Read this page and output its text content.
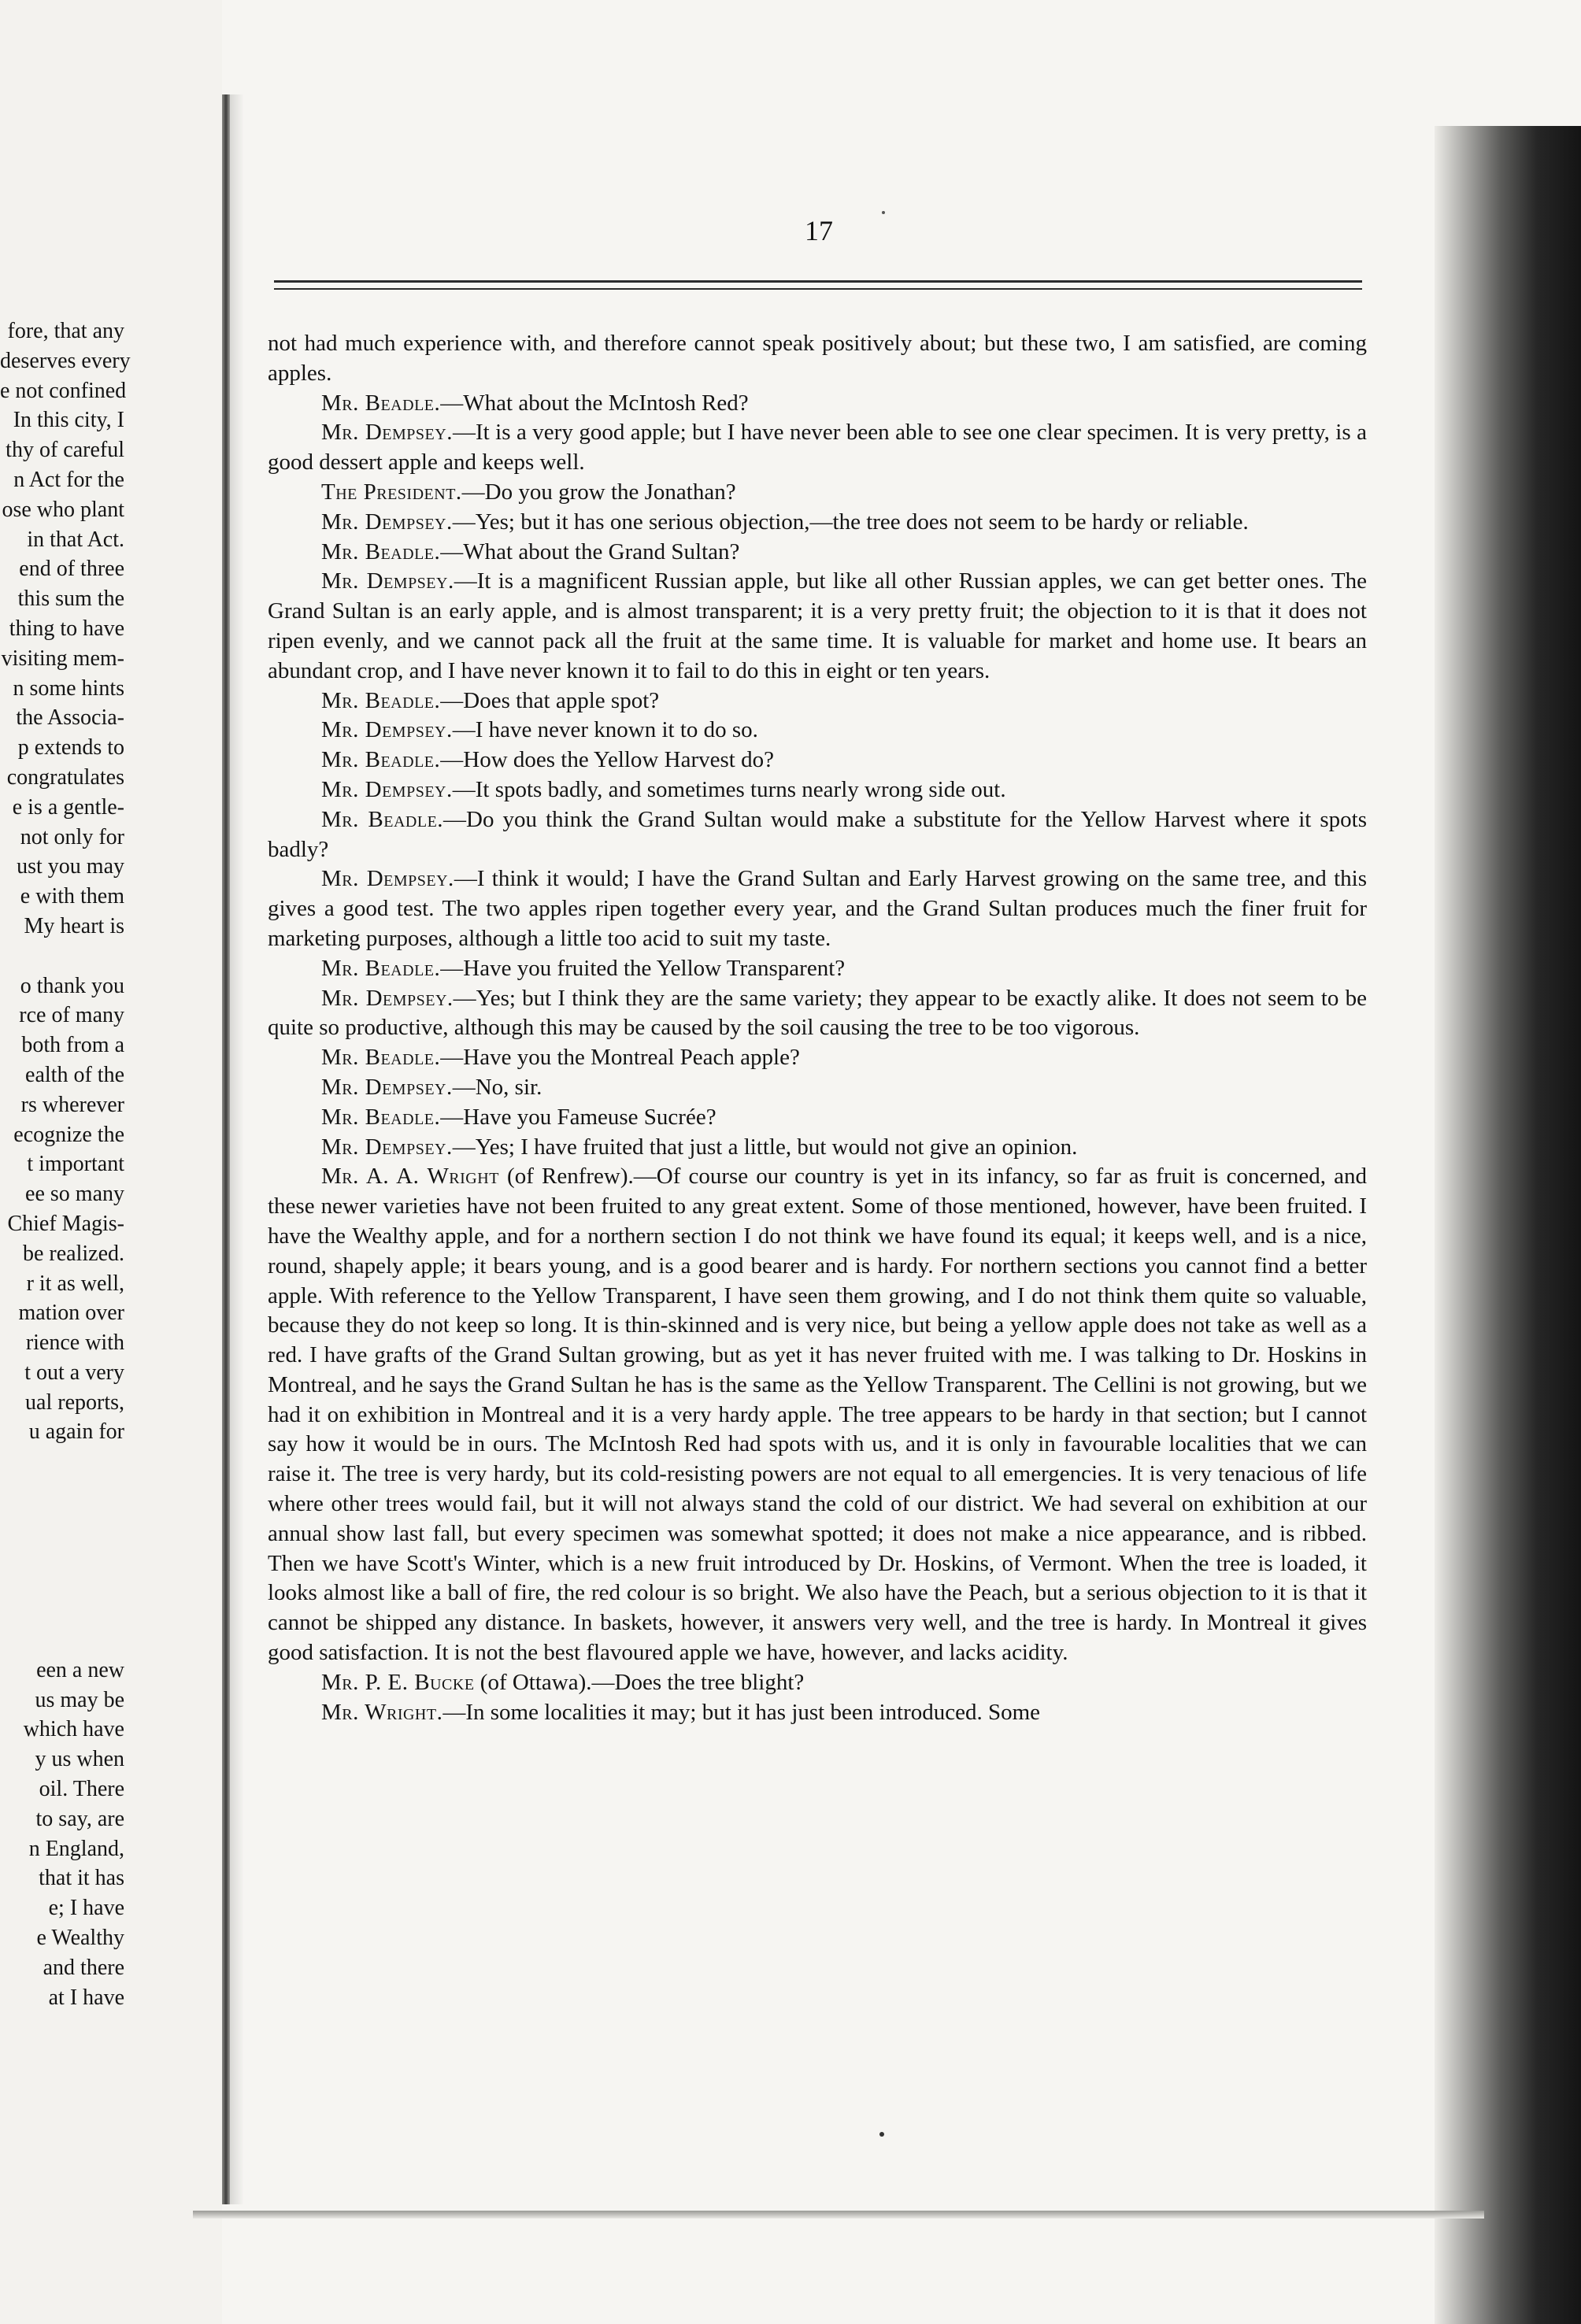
fore, that any
deserves every
e not confined
In this city, I
thy of careful
n Act for the
ose who plant
in that Act.
end of three
this sum the
thing to have
visiting mem-
n some hints
the Associa-
p extends to
congratulates
e is a gentle-
not only for
ust you may
e with them
My heart is

o thank you
rce of many
both from a
ealth of the
rs wherever
ecognize the
t important
ee so many
Chief Magis-
be realized.
r it as well,
mation over
rience with
t out a very
ual reports,
u again for

een a new
us may be
which have
y us when
oil. There
to say, are
n England,
that it has
e; I have
e Wealthy
and there
at I have
17

not had much experience with, and therefore cannot speak positively about; but these two, I am satisfied, are coming apples.

Mr. Beadle.—What about the McIntosh Red?

Mr. Dempsey.—It is a very good apple; but I have never been able to see one clear specimen. It is very pretty, is a good dessert apple and keeps well.

The President.—Do you grow the Jonathan?

Mr. Dempsey.—Yes; but it has one serious objection,—the tree does not seem to be hardy or reliable.

Mr. Beadle.—What about the Grand Sultan?

Mr. Dempsey.—It is a magnificent Russian apple, but like all other Russian apples, we can get better ones. The Grand Sultan is an early apple, and is almost transparent; it is a very pretty fruit; the objection to it is that it does not ripen evenly, and we cannot pack all the fruit at the same time. It is valuable for market and home use. It bears an abundant crop, and I have never known it to fail to do this in eight or ten years.

Mr. Beadle.—Does that apple spot?

Mr. Dempsey.—I have never known it to do so.

Mr. Beadle.—How does the Yellow Harvest do?

Mr. Dempsey.—It spots badly, and sometimes turns nearly wrong side out.

Mr. Beadle.—Do you think the Grand Sultan would make a substitute for the Yellow Harvest where it spots badly?

Mr. Dempsey.—I think it would; I have the Grand Sultan and Early Harvest growing on the same tree, and this gives a good test. The two apples ripen together every year, and the Grand Sultan produces much the finer fruit for marketing purposes, although a little too acid to suit my taste.

Mr. Beadle.—Have you fruited the Yellow Transparent?

Mr. Dempsey.—Yes; but I think they are the same variety; they appear to be exactly alike. It does not seem to be quite so productive, although this may be caused by the soil causing the tree to be too vigorous.

Mr. Beadle.—Have you the Montreal Peach apple?

Mr. Dempsey.—No, sir.

Mr. Beadle.—Have you Fameuse Sucrée?

Mr. Dempsey.—Yes; I have fruited that just a little, but would not give an opinion.

Mr. A. A. Wright (of Renfrew).—Of course our country is yet in its infancy, so far as fruit is concerned, and these newer varieties have not been fruited to any great extent. Some of those mentioned, however, have been fruited. I have the Wealthy apple, and for a northern section I do not think we have found its equal; it keeps well, and is a nice, round, shapely apple; it bears young, and is a good bearer and is hardy. For northern sections you cannot find a better apple. With reference to the Yellow Transparent, I have seen them growing, and I do not think them quite so valuable, because they do not keep so long. It is thin-skinned and is very nice, but being a yellow apple does not take as well as a red. I have grafts of the Grand Sultan growing, but as yet it has never fruited with me. I was talking to Dr. Hoskins in Montreal, and he says the Grand Sultan he has is the same as the Yellow Transparent. The Cellini is not growing, but we had it on exhibition in Montreal and it is a very hardy apple. The tree appears to be hardy in that section; but I cannot say how it would be in ours. The McIntosh Red had spots with us, and it is only in favourable localities that we can raise it. The tree is very hardy, but its cold-resisting powers are not equal to all emergencies. It is very tenacious of life where other trees would fail, but it will not always stand the cold of our district. We had several on exhibition at our annual show last fall, but every specimen was somewhat spotted; it does not make a nice appearance, and is ribbed. Then we have Scott's Winter, which is a new fruit introduced by Dr. Hoskins, of Vermont. When the tree is loaded, it looks almost like a ball of fire, the red colour is so bright. We also have the Peach, but a serious objection to it is that it cannot be shipped any distance. In baskets, however, it answers very well, and the tree is hardy. In Montreal it gives good satisfaction. It is not the best flavoured apple we have, however, and lacks acidity.

Mr. P. E. Bucke (of Ottawa).—Does the tree blight?

Mr. Wright.—In some localities it may; but it has just been introduced. Some
